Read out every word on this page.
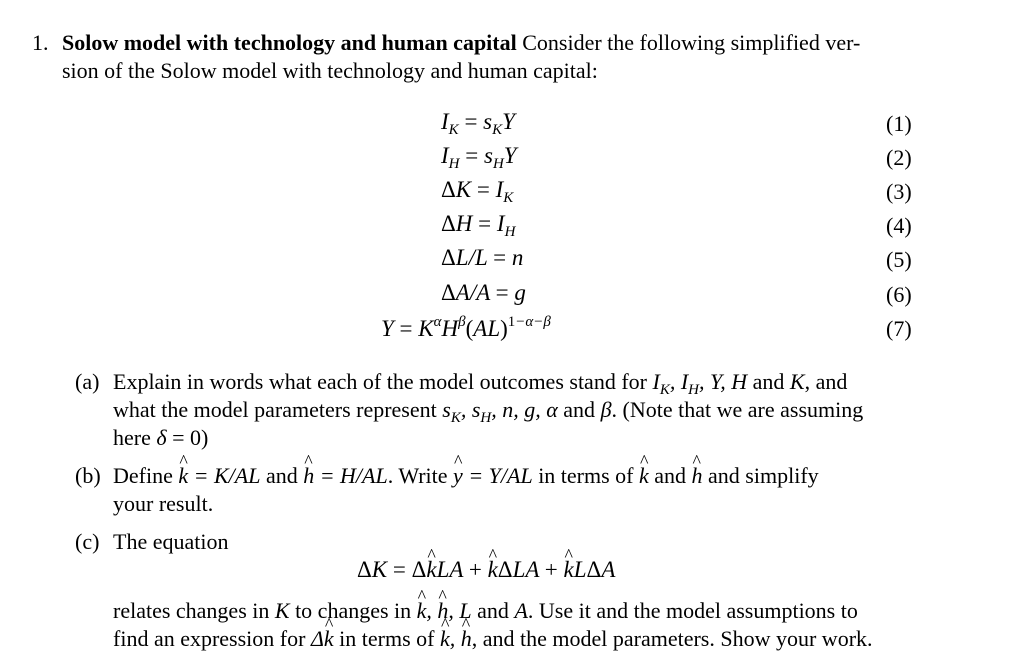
1. Solow model with technology and human capital Consider the following simplified ver-
sion of the Solow model with technology and human capital:
$I_K = s_KY$
$I_H = s_HY$
$\Delta K = I_K$
$\Delta H = I_H$
ΔL/L = n
ΔA/A = g
$Y = K^\alpha H^\beta(AL)^{1-\alpha-\beta}$
(1)
(2)
(3)
(4)
(5)
(6)
(7)
(a) Explain in words what each of the model outcomes stand for $I_K$, $I_H$, Y, H and K, and
what the model parameters represent $s_K$, $s_H$, n, g, α and β. (Note that we are assuming
here δ = 0)
(b) Define k ^ = K/AL and h ^ = H/AL. Write y ^ = Y/AL in terms of k ^ and h ^ and simplify
your result.
(c) The equation
ΔK = Δk ^LA + k ^ΔLA + k ^LΔA
relates changes in K to changes in k ^, h ^, L and A. Use it and the model assumptions to
find an expression for Δk ^ in terms of k ^, h ^, and the model parameters. Show your work.
